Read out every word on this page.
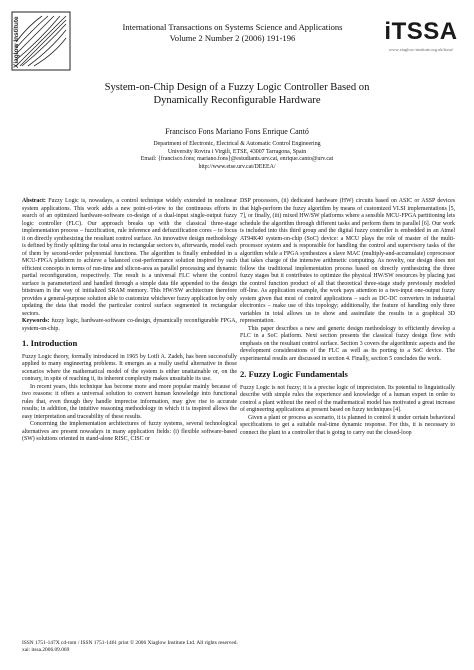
Xiaglow Institute	International Transactions on Systems Science and Applications
Volume 2 Number 2 (2006) 191-196	iTSSA
www.xiaglow-institute.org.uk/itssa/
System-on-Chip Design of a Fuzzy Logic Controller Based on
Dynamically Reconfigurable Hardware
Francisco Fons Mariano Fons Enrique Cantó
Department of Electronic, Electrical & Automatic Control Engineering
University Rovira i Virgili, ETSE, 43007 Tarragona, Spain
Email: {francisco.fons; mariano.fons}@estudiants.urv.cat, enrique.canto@urv.cat
http://www.etse.urv.cat/DEEEA/

Abstract: Fuzzy Logic is, nowadays, a control technique widely extended in nonlinear system applications. This work adds a new point-of-view to the continuous efforts in search of an optimized hardware-software co-design of a dual-input single-output fuzzy logic controller (FLC). Our approach breaks up with the classical three-stage implementation process – fuzzification, rule inference and defuzzification cores – to focus it on directly synthesizing the resultant control surface. An innovative design methodology is defined by firstly splitting the total area in rectangular sectors to, afterwards, model each of them by second-order polynomial functions. The algorithm is finally embedded in a MCU-FPGA platform to achieve a balanced cost-performance solution inspired by such efficient concepts in terms of run-time and silicon-area as parallel processing and dynamic partial reconfiguration, respectively. The result is a universal FLC where the control surface is parameterized and handled through a simple data file appended to the design bitstream in the way of initialized SRAM memory. This HW/SW architecture therefore provides a general-purpose solution able to customize whichever fuzzy application by only updating the data that model the particular control surface segmented in rectangular sectors.

Keywords: fuzzy logic, hardware-software co-design, dynamically reconfigurable FPGA, system-on-chip.

1. Introduction

Fuzzy Logic theory, formally introduced in 1965 by Lotfi A. Zadeh, has been successfully applied to many engineering problems. It emerges as a really useful alternative in those scenarios where the mathematical model of the system is either unattainable or, on the contrary, in spite of reaching it, its inherent complexity makes unsuitable its use.

In recent years, this technique has become more and more popular mainly because of two reasons: it offers a universal solution to convert human knowledge into functional rules that, even though they handle imprecise information, may give rise to accurate results; in addition, the intuitive reasoning methodology in which it is inspired allows the easy interpretation and traceability of these results.

Concerning the implementation architectures of fuzzy systems, several technological alternatives are present nowadays in many application fields: (i) flexible software-based (SW) solutions oriented in stand-alone RISC, CISC or

DSP processors, (ii) dedicated hardware (HW) circuits based on ASIC or ASSP devices that high-perform the fuzzy algorithm by means of customized VLSI implementations [5, 7], or finally, (iii) mixed HW/SW platforms where a sensible MCU-FPGA partitioning lets schedule the algorithm through different tasks and perform them in parallel [6]. Our work is included into this third group and the digital fuzzy controller is embedded in an Atmel AT94K40 system-on-chip (SoC) device: a MCU plays the role of master of the multi-processor system and is responsible for handling the control and supervisory tasks of the algorithm while a FPGA synthesizes a slave MAC (multiply-and-accumulate) coprocessor that takes charge of the intensive arithmetic computing. As novelty, our design does not follow the traditional implementation process based on directly synthesizing the three fuzzy stages but it contributes to optimize the physical HW/SW resources by placing just the control function product of all that theoretical three-stage study previously modeled off-line. As application example, the work pays attention to a two-input one-output fuzzy system given that most of control applications – such as DC-DC converters in industrial electronics – make use of this topology; additionally, the feature of handling only three variables in total allows us to show and assimilate the results in a graphical 3D representation.

This paper describes a new and generic design methodology to efficiently develop a FLC in a SoC platform. Next section presents the classical fuzzy design flow with emphasis on the resultant control surface. Section 3 covers the algorithmic aspects and the development considerations of the FLC as well as its porting to a SoC device. The experimental results are discussed in section 4. Finally, section 5 concludes the work.

2. Fuzzy Logic Fundamentals

Fuzzy Logic is not fuzzy; it is a precise logic of imprecision. Its potential to linguistically describe with simple rules the experience and knowledge of a human expert in order to control a plant without the need of the mathematical model has motivated a great increase of engineering applications at present based on fuzzy techniques [4].

Given a plant or process as scenario, it is planned to control it under certain behavioral specifications to get a suitable real-time dynamic response. For this, it is necessary to connect the plant to a controller that is going to carry out the closed-loop

ISSN 1751-147X cd-rom / ISSN 1751-1461 print © 2006 Xiaglow Institute Ltd. All rights reserved.
xai: itssa.2006.09.069
